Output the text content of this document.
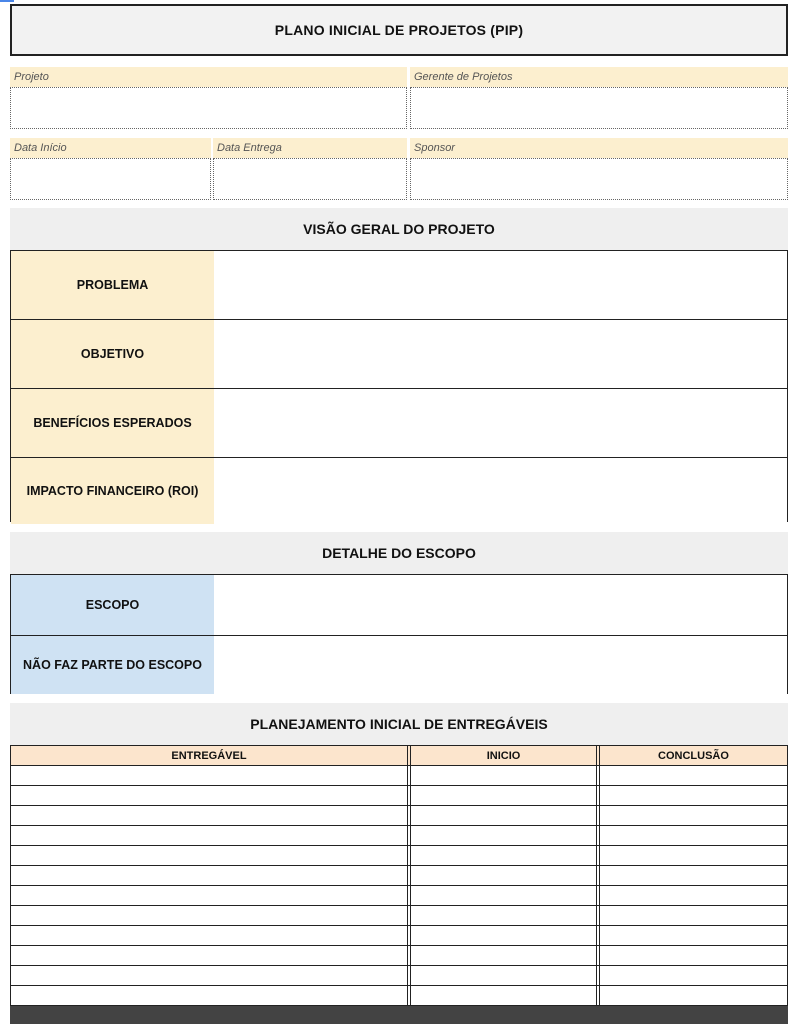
PLANO INICIAL DE PROJETOS (PIP)
Projeto	Gerente de Projetos
Data Início	Data Entrega	Sponsor
VISÃO GERAL DO PROJETO
PROBLEMA
OBJETIVO
BENEFÍCIOS ESPERADOS
IMPACTO FINANCEIRO (ROI)
DETALHE DO ESCOPO
ESCOPO
NÃO FAZ PARTE DO ESCOPO
PLANEJAMENTO INICIAL DE ENTREGÁVEIS
ENTREGÁVEL	INICIO	CONCLUSÃO
